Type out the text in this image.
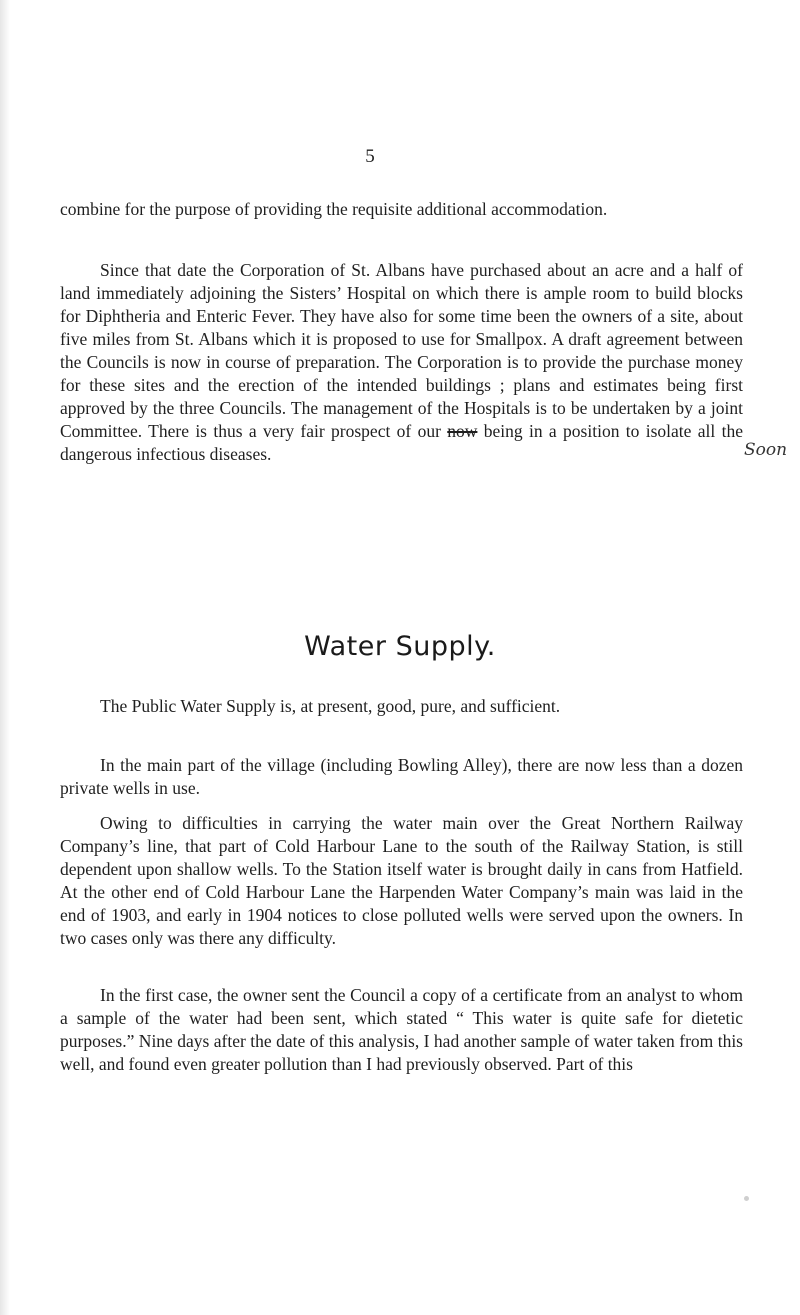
5

combine for the purpose of providing the requisite additional accommodation.

Since that date the Corporation of St. Albans have purchased about an acre and a half of land immediately adjoining the Sisters’ Hospital on which there is ample room to build blocks for Diphtheria and Enteric Fever. They have also for some time been the owners of a site, about five miles from St. Albans which it is proposed to use for Smallpox. A draft agreement between the Councils is now in course of preparation. The Corporation is to provide the purchase money for these sites and the erection of the intended buildings ; plans and estimates being first approved by the three Councils. The management of the Hospitals is to be undertaken by a joint Committee. There is thus a very fair prospect of our now being in a position to isolate all the dangerous infectious diseases.	Soon
Water Supply.

The Public Water Supply is, at present, good, pure, and sufficient.

In the main part of the village (including Bowling Alley), there are now less than a dozen private wells in use.

Owing to difficulties in carrying the water main over the Great Northern Railway Company’s line, that part of Cold Harbour Lane to the south of the Railway Station, is still dependent upon shallow wells. To the Station itself water is brought daily in cans from Hatfield. At the other end of Cold Harbour Lane the Harpenden Water Company’s main was laid in the end of 1903, and early in 1904 notices to close polluted wells were served upon the owners. In two cases only was there any difficulty.

In the first case, the owner sent the Council a copy of a certificate from an analyst to whom a sample of the water had been sent, which stated “ This water is quite safe for dietetic purposes.” Nine days after the date of this analysis, I had another sample of water taken from this well, and found even greater pollution than I had previously observed. Part of this
